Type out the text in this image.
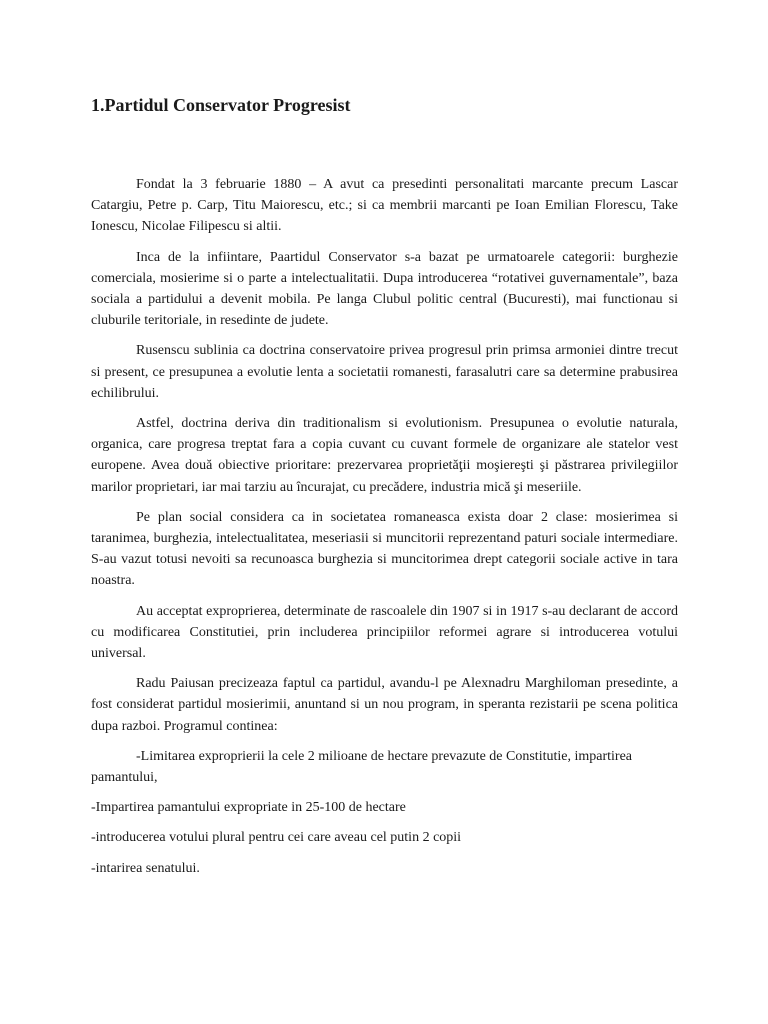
1.Partidul Conservator Progresist

Fondat la 3 februarie 1880 – A avut ca presedinti personalitati marcante precum Lascar Catargiu, Petre p. Carp, Titu Maiorescu, etc.; si ca membrii marcanti pe Ioan Emilian Florescu, Take Ionescu, Nicolae Filipescu si altii.

Inca de la infiintare, Paartidul Conservator s-a bazat pe urmatoarele categorii: burghezie comerciala, mosierime si o parte a intelectualitatii. Dupa introducerea “rotativei guvernamentale”, baza sociala a partidului a devenit mobila. Pe langa Clubul politic central (Bucuresti), mai functionau si cluburile teritoriale, in resedinte de judete.

Rusenscu sublinia ca doctrina conservatoire privea progresul prin primsa armoniei dintre trecut si present, ce presupunea a evolutie lenta a societatii romanesti, farasalutri care sa determine prabusirea echilibrului.

Astfel, doctrina deriva din traditionalism si evolutionism. Presupunea o evolutie naturala, organica, care progresa treptat fara a copia cuvant cu cuvant formele de organizare ale statelor vest europene. Avea două obiective prioritare: prezervarea proprietăţii moşiereşti şi păstrarea privilegiilor marilor proprietari, iar mai tarziu au încurajat, cu precădere, industria mică şi meseriile.

Pe plan social considera ca in societatea romaneasca exista doar 2 clase: mosierimea si taranimea, burghezia, intelectualitatea, meseriasii si muncitorii reprezentand paturi sociale intermediare. S-au vazut totusi nevoiti sa recunoasca burghezia si muncitorimea drept categorii sociale active in tara noastra.

Au acceptat exproprierea, determinate de rascoalele din 1907 si in 1917 s-au declarant de accord cu modificarea Constitutiei, prin includerea principiilor reformei agrare si introducerea votului universal.

Radu Paiusan precizeaza faptul ca partidul, avandu-l pe Alexnadru Marghiloman presedinte, a fost considerat partidul mosierimii, anuntand si un nou program, in speranta rezistarii pe scena politica dupa razboi. Programul continea:

-Limitarea exproprierii la cele 2 milioane de hectare prevazute de Constitutie, impartirea pamantului,

-Impartirea pamantului expropriate in 25-100 de hectare

-introducerea votului plural pentru cei care aveau cel putin 2 copii

-intarirea senatului.
